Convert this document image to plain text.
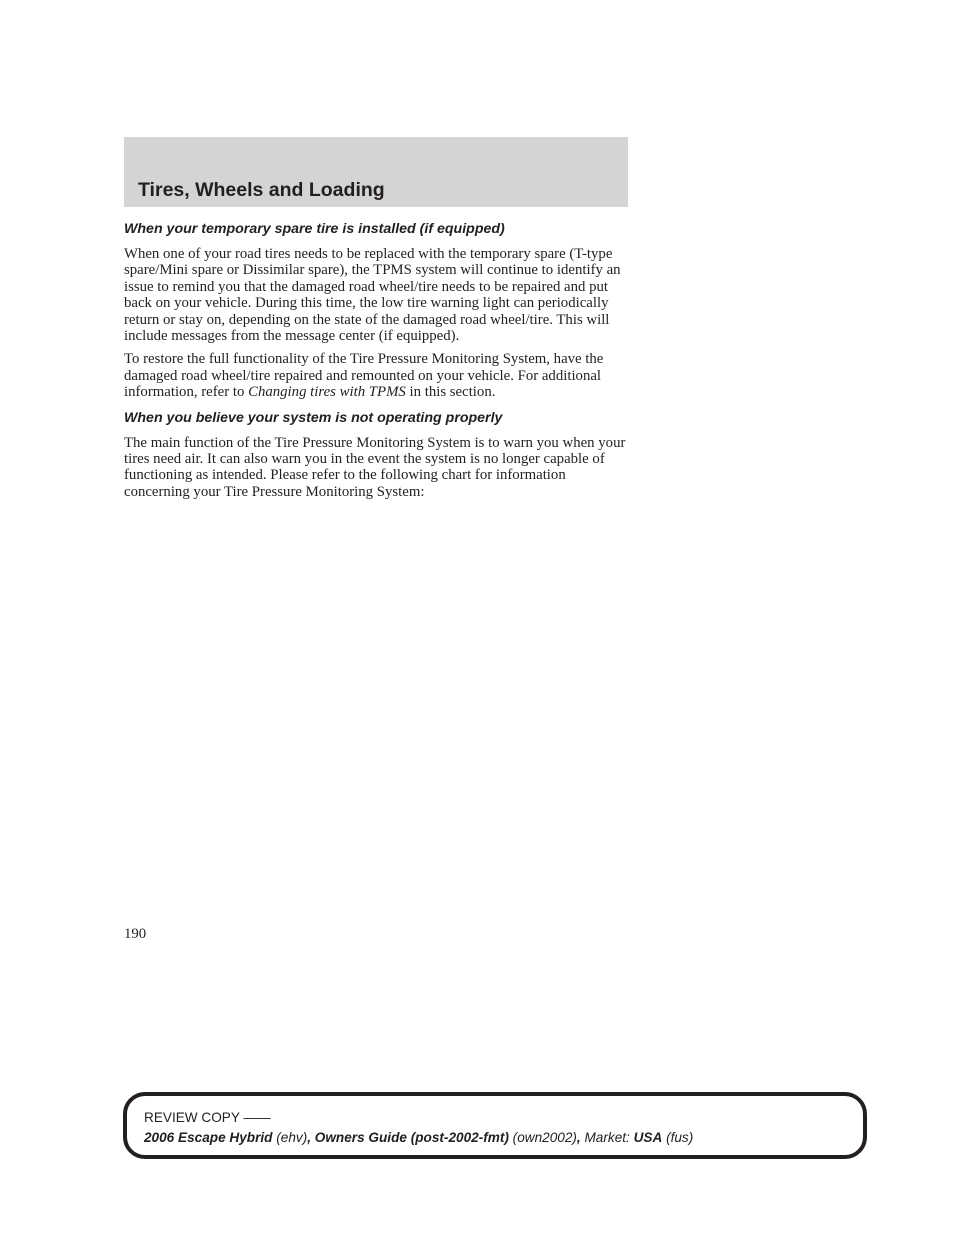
Tires, Wheels and Loading
When your temporary spare tire is installed (if equipped)

When one of your road tires needs to be replaced with the temporary spare (T-type spare/Mini spare or Dissimilar spare), the TPMS system will continue to identify an issue to remind you that the damaged road wheel/tire needs to be repaired and put back on your vehicle. During this time, the low tire warning light can periodically return or stay on, depending on the state of the damaged road wheel/tire. This will include messages from the message center (if equipped).

To restore the full functionality of the Tire Pressure Monitoring System, have the damaged road wheel/tire repaired and remounted on your vehicle. For additional information, refer to Changing tires with TPMS in this section.

When you believe your system is not operating properly

The main function of the Tire Pressure Monitoring System is to warn you when your tires need air. It can also warn you in the event the system is no longer capable of functioning as intended. Please refer to the following chart for information concerning your Tire Pressure Monitoring System:

190
REVIEW COPY ——
2006 Escape Hybrid (ehv), Owners Guide (post-2002-fmt) (own2002), Market: USA (fus)
